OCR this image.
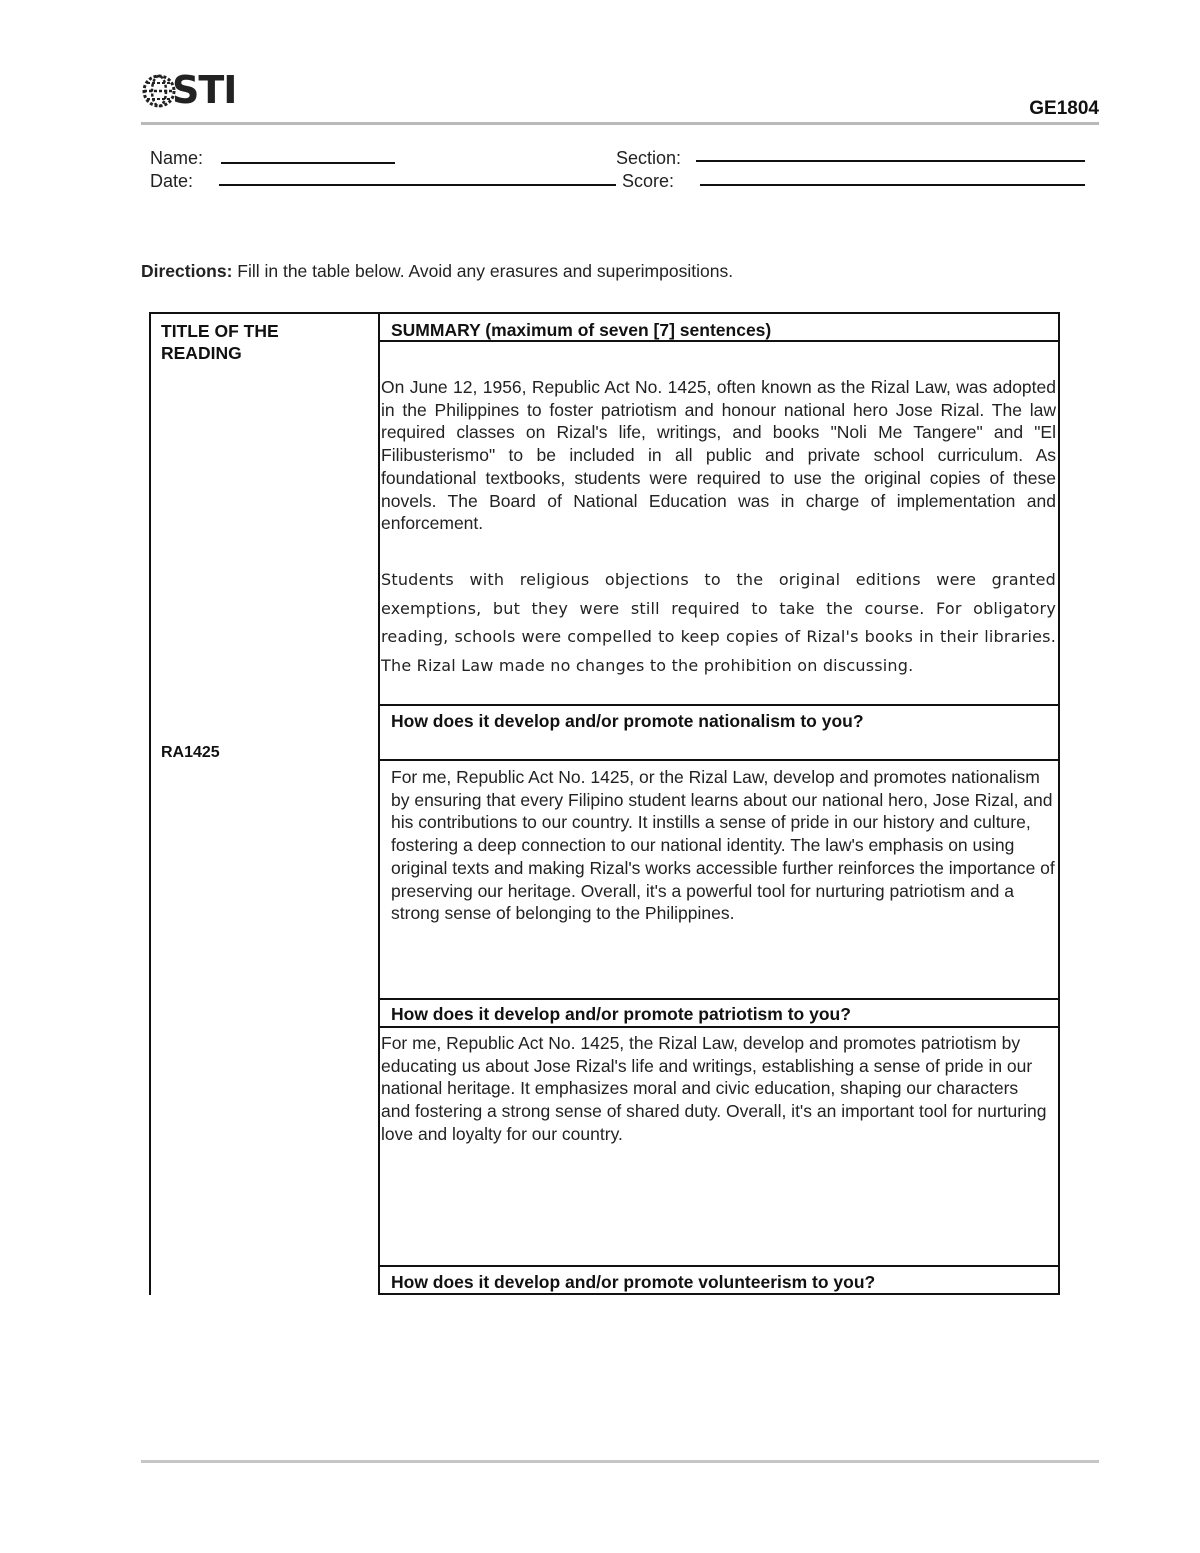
STI	GE1804
Name:
Date:
Section:
Score:
Directions: Fill in the table below. Avoid any erasures and superimpositions.
TITLE OF THE READING
RA1425
SUMMARY (maximum of seven [7] sentences)
On June 12, 1956, Republic Act No. 1425, often known as the Rizal Law, was adopted in the Philippines to foster patriotism and honour national hero Jose Rizal. The law required classes on Rizal's life, writings, and books "Noli Me Tangere" and "El Filibusterismo" to be included in all public and private school curriculum. As foundational textbooks, students were required to use the original copies of these novels. The Board of National Education was in charge of implementation and enforcement.
Students with religious objections to the original editions were granted exemptions, but they were still required to take the course. For obligatory reading, schools were compelled to keep copies of Rizal's books in their libraries. The Rizal Law made no changes to the prohibition on discussing.
How does it develop and/or promote nationalism to you?
For me, Republic Act No. 1425, or the Rizal Law, develop and promotes nationalism by ensuring that every Filipino student learns about our national hero, Jose Rizal, and his contributions to our country. It instills a sense of pride in our history and culture, fostering a deep connection to our national identity. The law's emphasis on using original texts and making Rizal's works accessible further reinforces the importance of preserving our heritage. Overall, it's a powerful tool for nurturing patriotism and a strong sense of belonging to the Philippines.
How does it develop and/or promote patriotism to you?
For me, Republic Act No. 1425, the Rizal Law, develop and promotes patriotism by educating us about Jose Rizal's life and writings, establishing a sense of pride in our national heritage. It emphasizes moral and civic education, shaping our characters and fostering a strong sense of shared duty. Overall, it's an important tool for nurturing love and loyalty for our country.
How does it develop and/or promote volunteerism to you?
